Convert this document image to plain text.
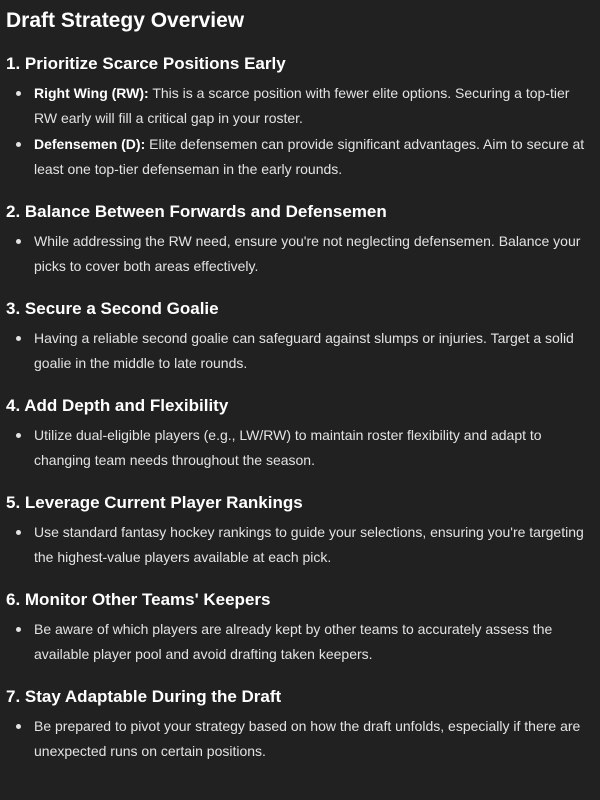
Draft Strategy Overview
1. Prioritize Scarce Positions Early
Right Wing (RW): This is a scarce position with fewer elite options. Securing a top-tier RW early will fill a critical gap in your roster.
Defensemen (D): Elite defensemen can provide significant advantages. Aim to secure at least one top-tier defenseman in the early rounds.
2. Balance Between Forwards and Defensemen
While addressing the RW need, ensure you're not neglecting defensemen. Balance your picks to cover both areas effectively.
3. Secure a Second Goalie
Having a reliable second goalie can safeguard against slumps or injuries. Target a solid goalie in the middle to late rounds.
4. Add Depth and Flexibility
Utilize dual-eligible players (e.g., LW/RW) to maintain roster flexibility and adapt to changing team needs throughout the season.
5. Leverage Current Player Rankings
Use standard fantasy hockey rankings to guide your selections, ensuring you're targeting the highest-value players available at each pick.
6. Monitor Other Teams' Keepers
Be aware of which players are already kept by other teams to accurately assess the available player pool and avoid drafting taken keepers.
7. Stay Adaptable During the Draft
Be prepared to pivot your strategy based on how the draft unfolds, especially if there are unexpected runs on certain positions.
